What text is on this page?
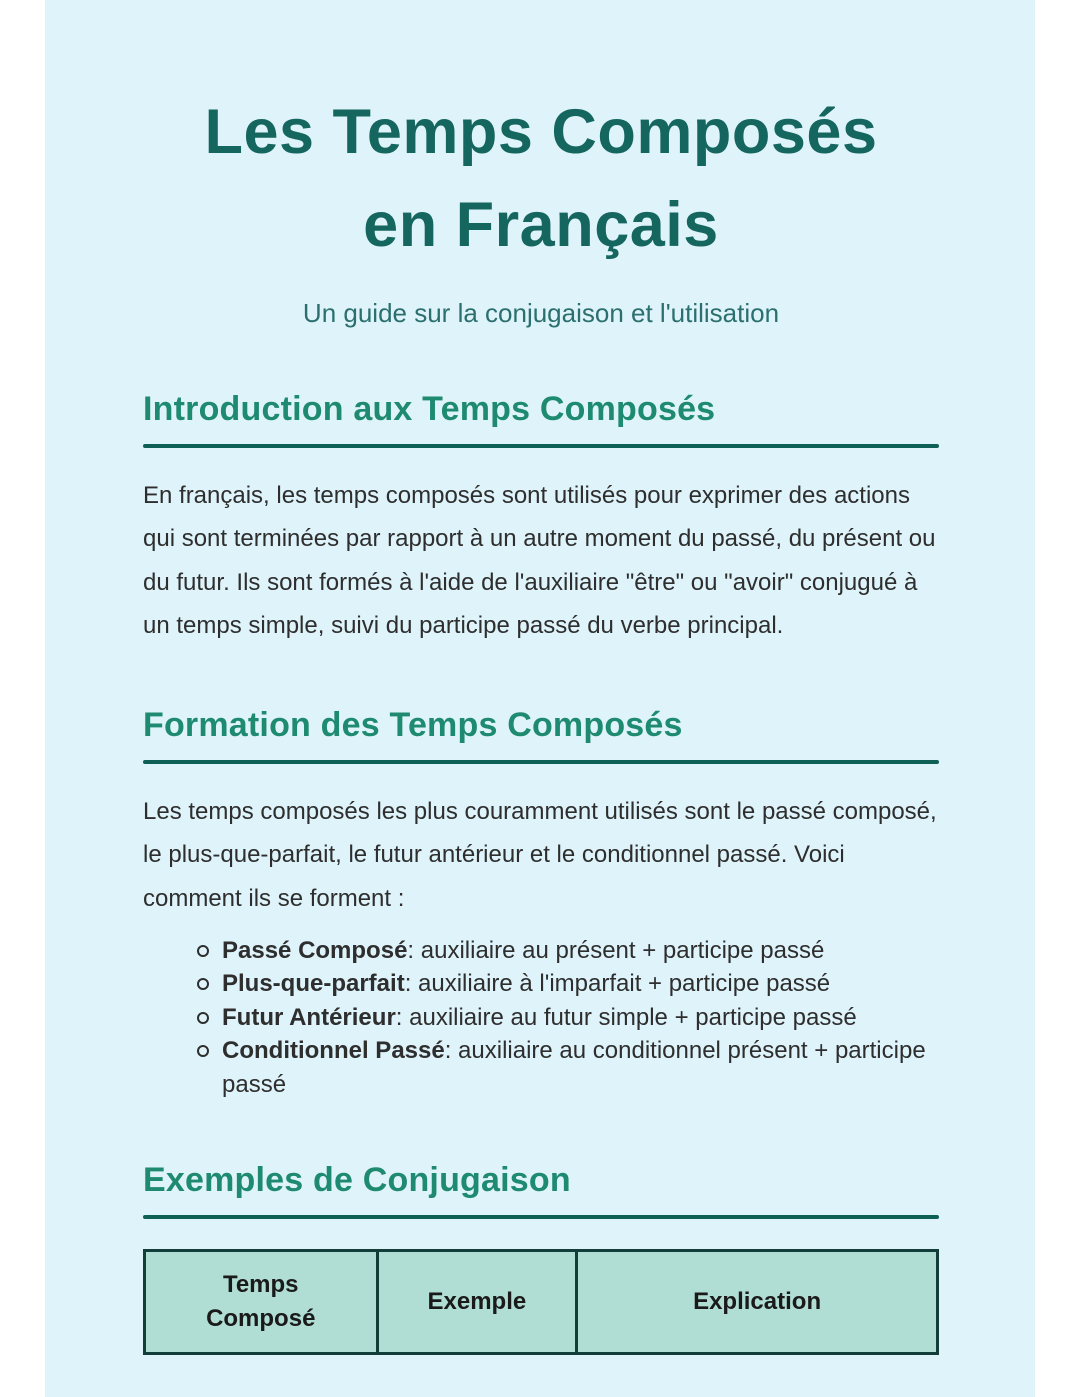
Les Temps Composés
en Français

Un guide sur la conjugaison et l'utilisation

Introduction aux Temps Composés

En français, les temps composés sont utilisés pour exprimer des actions qui sont terminées par rapport à un autre moment du passé, du présent ou du futur. Ils sont formés à l'aide de l'auxiliaire "être" ou "avoir" conjugué à un temps simple, suivi du participe passé du verbe principal.

Formation des Temps Composés

Les temps composés les plus couramment utilisés sont le passé composé, le plus-que-parfait, le futur antérieur et le conditionnel passé. Voici comment ils se forment :

Passé Composé: auxiliaire au présent + participe passé
Plus-que-parfait: auxiliaire à l'imparfait + participe passé
Futur Antérieur: auxiliaire au futur simple + participe passé
Conditionnel Passé: auxiliaire au conditionnel présent + participe passé
Exemples de Conjugaison
Temps Composé	Exemple	Explication
